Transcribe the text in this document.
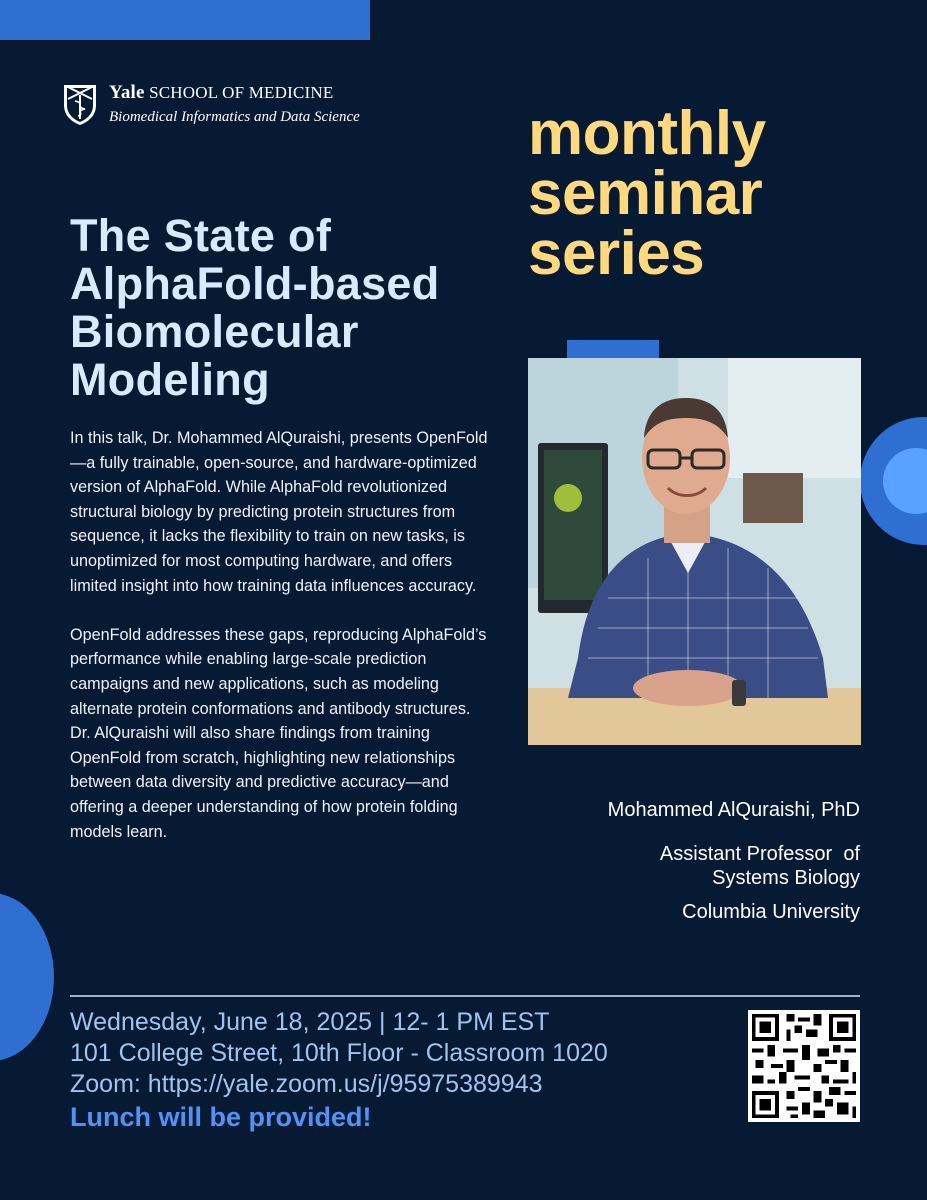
Yale SCHOOL OF MEDICINE
Biomedical Informatics and Data Science	monthly
seminar
series
The State of
AlphaFold-based
Biomolecular
Modeling

In this talk, Dr. Mohammed AlQuraishi, presents OpenFold—a fully trainable, open-source, and hardware-optimized version of AlphaFold. While AlphaFold revolutionized structural biology by predicting protein structures from sequence, it lacks the flexibility to train on new tasks, is unoptimized for most computing hardware, and offers limited insight into how training data influences accuracy.

OpenFold addresses these gaps, reproducing AlphaFold’s performance while enabling large-scale prediction campaigns and new applications, such as modeling alternate protein conformations and antibody structures. Dr. AlQuraishi will also share findings from training OpenFold from scratch, highlighting new relationships between data diversity and predictive accuracy—and offering a deeper understanding of how protein folding models learn.

Mohammed AlQuraishi, PhD
Assistant Professor  of
Systems Biology
Columbia University
Wednesday, June 18, 2025 | 12- 1 PM EST
101 College Street, 10th Floor - Classroom 1020
Zoom: https://yale.zoom.us/j/95975389943
Lunch will be provided!
